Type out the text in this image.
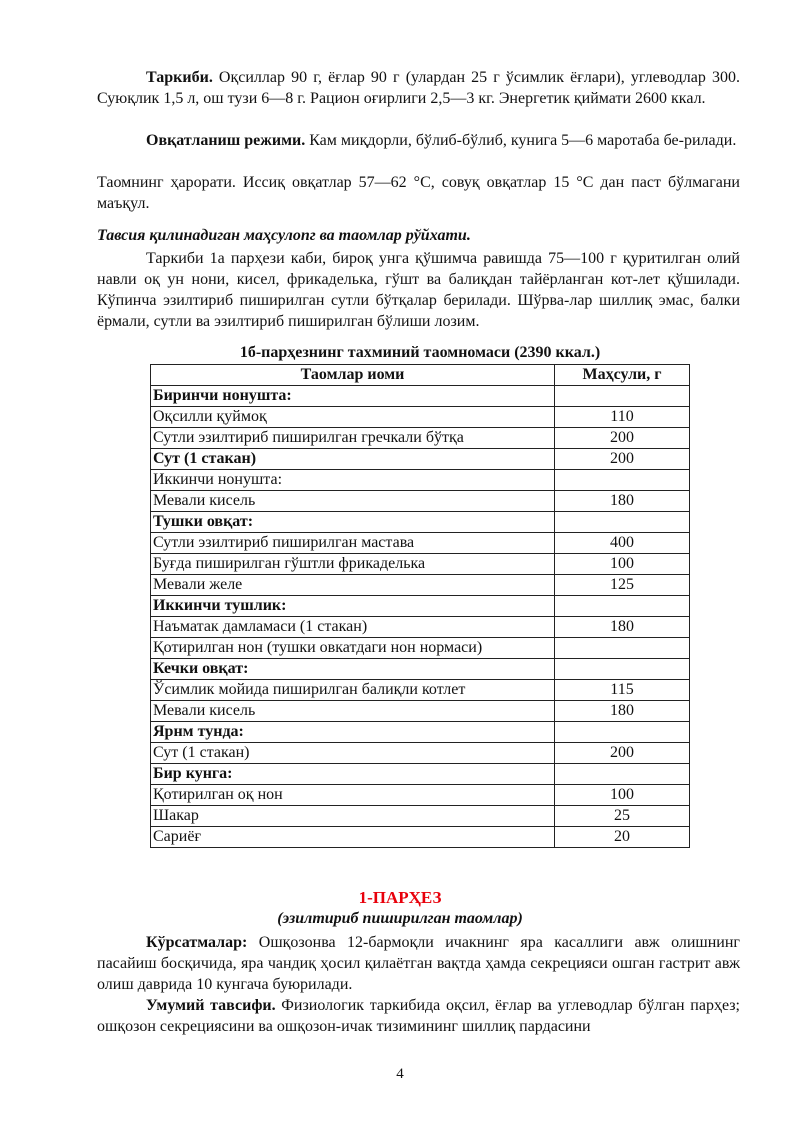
Таркиби. Оқсиллар 90 г, ёғлар 90 г (улардан 25 г ўсимлик ёғлари), углеводлар 300. Суюқлик 1,5 л, ош тузи 6—8 г. Рацион оғирлиги 2,5—3 кг. Энергетик қиймати 2600 ккал.

Овқатланиш режими. Кам миқдорли, бўлиб-бўлиб, кунига 5—6 маротаба бе-рилади.

Таомнинг ҳарорати. Иссиқ овқатлар 57—62 °С, совуқ овқатлар 15 °С дан паст бўлмагани маъқул.

Тавсия қилинадиган маҳсулопг ва таомлар рўйхати.

Таркиби 1а парҳези каби, бироқ унга қўшимча равишда 75—100 г қуритилган олий навли оқ ун нони, кисел, фрикаделька, гўшт ва балиқдан тайёрланган кот-лет қўшилади. Кўпинча эзилтириб пиширилган сутли бўтқалар берилади. Шўрва-лар шиллиқ эмас, балки ёрмали, сутли ва эзилтириб пиширилган бўлиши лозим.

1б-парҳезнинг тахминий таомномаси (2390 ккал.)
Таомлар иоми	Маҳсули, г
Биринчи нонушта:	
Оқсилли қуймоқ	110
Сутли эзилтириб пиширилган гречкали бўтқа	200
Сут (1 стакан)	200
Иккинчи нонушта:	
Мевали кисель	180
Тушки овқат:	
Сутли эзилтириб пиширилган мастава	400
Буғда пиширилган гўштли фрикаделька	100
Мевали желе	125
Иккинчи тушлик:	
Наъматак дамламаси (1 стакан)	180
Қотирилган нон (тушки овкатдаги нон нормаси)	
Кечки овқат:	
Ўсимлик мойида пиширилган балиқли котлет	115
Мевали кисель	180
Ярнм тунда:	
Сут (1 стакан)	200
Бир кунга:	
Қотирилган оқ нон	100
Шакар	25
Сариёғ	20
1-ПАРҲЕЗ
(эзилтириб пиширилган таомлар)

Кўрсатмалар: Ошқозонва 12-бармоқли ичакнинг яра касаллиги авж олишнинг пасайиш босқичида, яра чандиқ ҳосил қилаётган вақтда ҳамда секрецияси ошган гастрит авж олиш даврида 10 кунгача буюрилади.

Умумий тавсифи. Физиологик таркибида оқсил, ёғлар ва углеводлар бўлган парҳез; ошқозон секрециясини ва ошқозон-ичак тизимининг шиллиқ пардасини

4
